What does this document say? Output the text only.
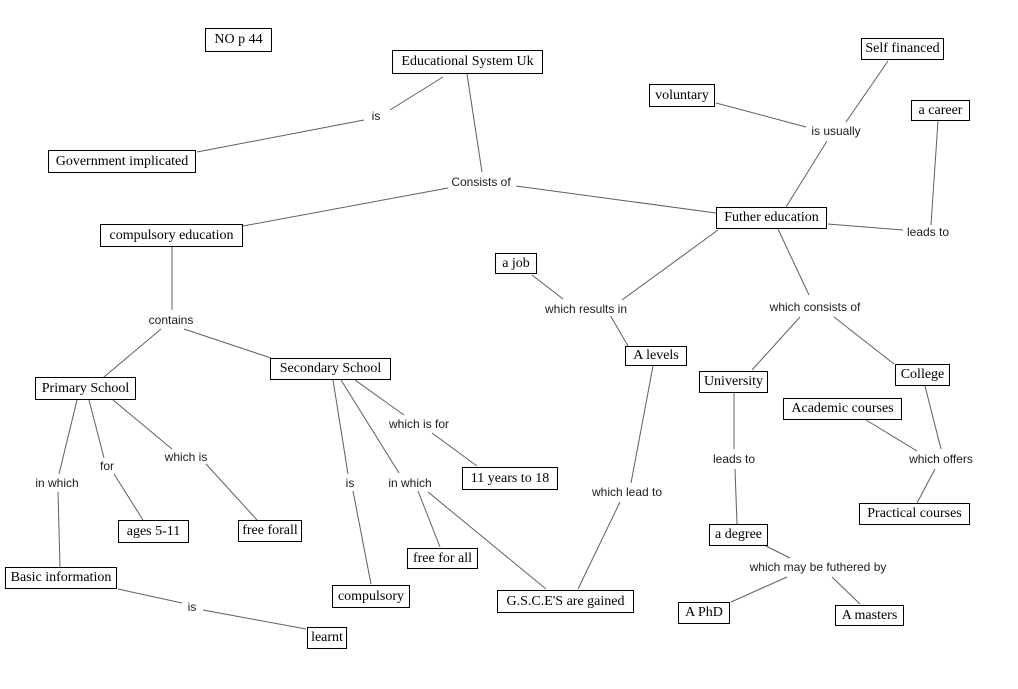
NO p 44
Educational System Uk
Government implicated
compulsory education
voluntary
Self financed
a career
Futher education
a job
A levels
University	College
Academic courses
Practical courses
a degree
A PhD	A masters
Primary School
Secondary School
ages 5-11	free forall
11 years to 18
free for all
compulsory	G.S.C.E'S are gained
Basic information
learnt
is
Consists of
is usually
leads to
contains
which results in	which consists of
leads to	which offers
which may be futhered by
in which
for
which is
is	in which
which is for
which lead to
is
